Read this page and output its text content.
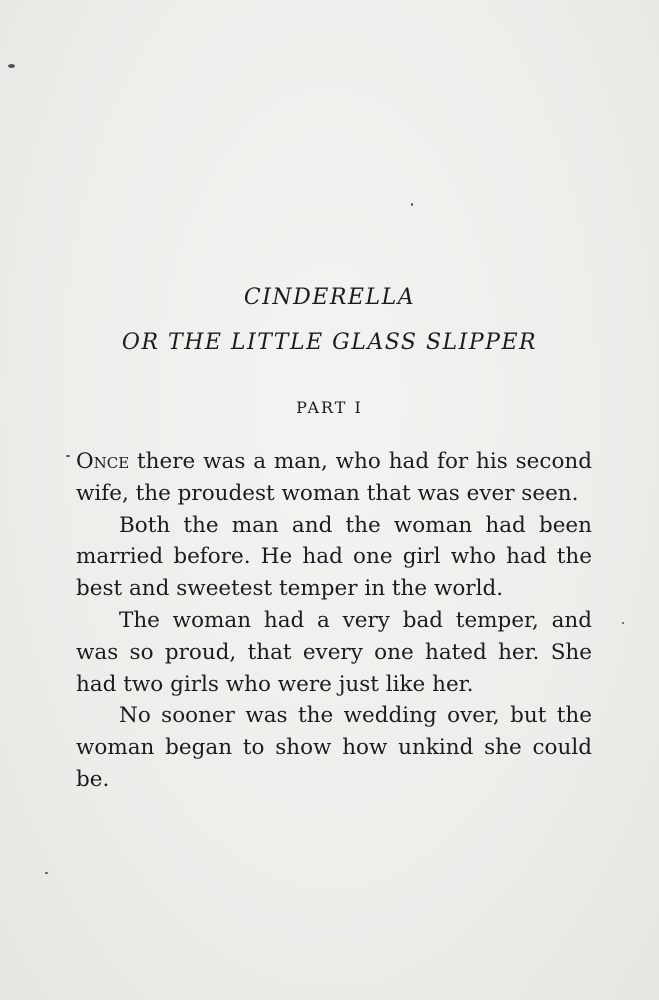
CINDERELLA
OR THE LITTLE GLASS SLIPPER
PART I

Once there was a man, who had for his second wife, the proudest woman that was ever seen.

Both the man and the woman had been married before. He had one girl who had the best and sweetest temper in the world.

The woman had a very bad temper, and was so proud, that every one hated her. She had two girls who were just like her.

No sooner was the wedding over, but the woman began to show how unkind she could be.
